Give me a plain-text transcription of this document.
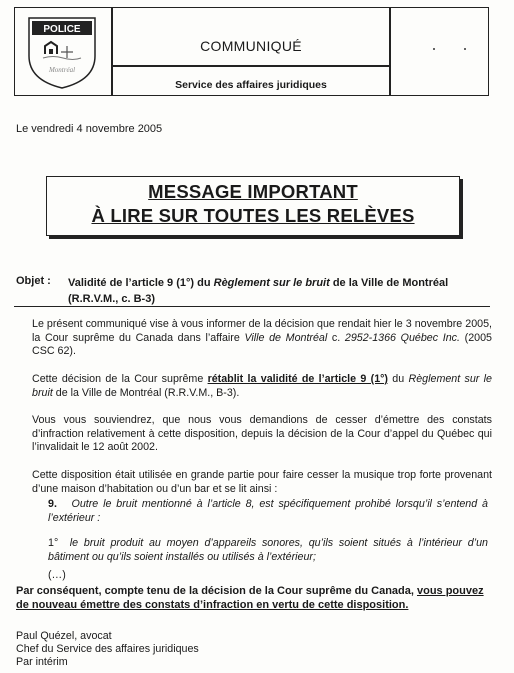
POLICE
Montréal
COMMUNIQUÉ
Service des affaires juridiques
Le vendredi 4 novembre 2005
MESSAGE IMPORTANT
À LIRE SUR TOUTES LES RELÈVES
Objet : Validité de l’article 9 (1°) du Règlement sur le bruit de la Ville de Montréal (R.R.V.M., c. B-3)
Le présent communiqué vise à vous informer de la décision que rendait hier le 3 novembre 2005, la Cour suprême du Canada dans l’affaire Ville de Montréal c. 2952-1366 Québec Inc. (2005 CSC 62).
Cette décision de la Cour suprême rétablit la validité de l’article 9 (1°) du Règlement sur le bruit de la Ville de Montréal (R.R.V.M., B-3).
Vous vous souviendrez, que nous vous demandions de cesser d’émettre des constats d’infraction relativement à cette disposition, depuis la décision de la Cour d’appel du Québec qui l’invalidait le 12 août 2002.
Cette disposition était utilisée en grande partie pour faire cesser la musique trop forte provenant d’une maison d’habitation ou d’un bar et se lit ainsi :
9. Outre le bruit mentionné à l’article 8, est spécifiquement prohibé lorsqu’il s’entend à l’extérieur :
1° le bruit produit au moyen d’appareils sonores, qu’ils soient situés à l’intérieur d’un bâtiment ou qu’ils soient installés ou utilisés à l’extérieur;
(…)
Par conséquent, compte tenu de la décision de la Cour suprême du Canada, vous pouvez de nouveau émettre des constats d’infraction en vertu de cette disposition.
Paul Quézel, avocat
Chef du Service des affaires juridiques
Par intérim
